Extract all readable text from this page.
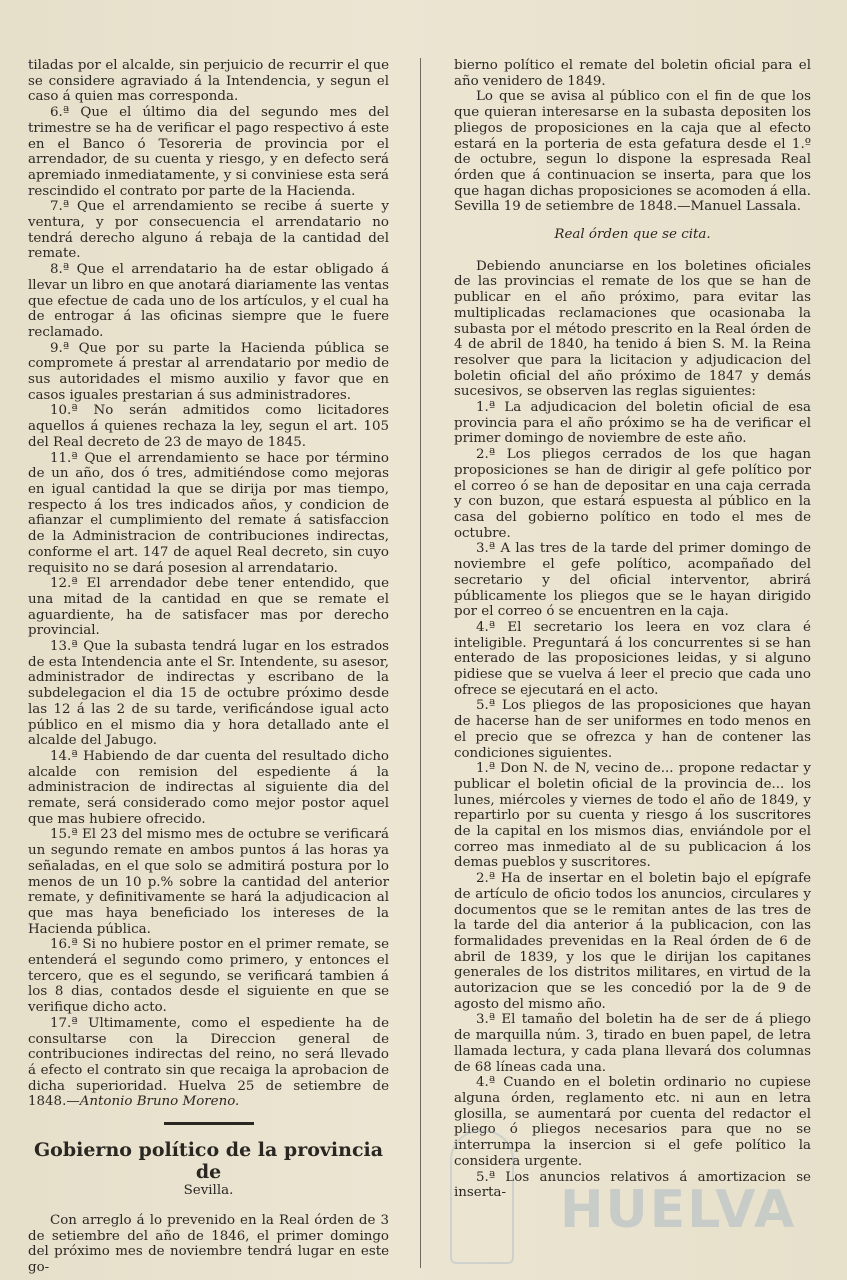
tiladas por el alcalde, sin perjuicio de recurrir el que se considere agraviado á la Intendencia, y segun el caso á quien mas corresponda.

6.ª Que el último dia del segundo mes del trimestre se ha de verificar el pago respectivo á este en el Banco ó Tesoreria de provincia por el arrendador, de su cuenta y riesgo, y en defecto será apremiado inmediatamente, y si conviniese esta será rescindido el contrato por parte de la Hacienda.

7.ª Que el arrendamiento se recibe á suerte y ventura, y por consecuencia el arrendatario no tendrá derecho alguno á rebaja de la cantidad del remate.

8.ª Que el arrendatario ha de estar obligado á llevar un libro en que anotará diariamente las ventas que efectue de cada uno de los artículos, y el cual ha de entrogar á las oficinas siempre que le fuere reclamado.

9.ª Que por su parte la Hacienda pública se compromete á prestar al arrendatario por medio de sus autoridades el mismo auxilio y favor que en casos iguales prestarian á sus administradores.

10.ª No serán admitidos como licitadores aquellos á quienes rechaza la ley, segun el art. 105 del Real decreto de 23 de mayo de 1845.

11.ª Que el arrendamiento se hace por término de un año, dos ó tres, admitiéndose como mejoras en igual cantidad la que se dirija por mas tiempo, respecto á los tres indicados años, y condicion de afianzar el cumplimiento del remate á satisfaccion de la Administracion de contribuciones indirectas, conforme el art. 147 de aquel Real decreto, sin cuyo requisito no se dará posesion al arrendatario.

12.ª El arrendador debe tener entendido, que una mitad de la cantidad en que se remate el aguardiente, ha de satisfacer mas por derecho provincial.

13.ª Que la subasta tendrá lugar en los estrados de esta Intendencia ante el Sr. Intendente, su asesor, administrador de indirectas y escribano de la subdelegacion el dia 15 de octubre próximo desde las 12 á las 2 de su tarde, verificándose igual acto público en el mismo dia y hora detallado ante el alcalde del Jabugo.

14.ª Habiendo de dar cuenta del resultado dicho alcalde con remision del espediente á la administracion de indirectas al siguiente dia del remate, será considerado como mejor postor aquel que mas hubiere ofrecido.

15.ª El 23 del mismo mes de octubre se verificará un segundo remate en ambos puntos á las horas ya señaladas, en el que solo se admitirá postura por lo menos de un 10 p.% sobre la cantidad del anterior remate, y definitivamente se hará la adjudicacion al que mas haya beneficiado los intereses de la Hacienda pública.

16.ª Si no hubiere postor en el primer remate, se entenderá el segundo como primero, y entonces el tercero, que es el segundo, se verificará tambien á los 8 dias, contados desde el siguiente en que se verifique dicho acto.

17.ª Ultimamente, como el espediente ha de consultarse con la Direccion general de contribuciones indirectas del reino, no será llevado á efecto el contrato sin que recaiga la aprobacion de dicha superioridad. Huelva 25 de setiembre de 1848.—Antonio Bruno Moreno.

Gobierno político de la provincia de
Sevilla.

Con arreglo á lo prevenido en la Real órden de 3 de setiembre del año de 1846, el primer domingo del próximo mes de noviembre tendrá lugar en este go-

bierno político el remate del boletin oficial para el año venidero de 1849.

Lo que se avisa al público con el fin de que los que quieran interesarse en la subasta depositen los pliegos de proposiciones en la caja que al efecto estará en la porteria de esta gefatura desde el 1.º de octubre, segun lo dispone la espresada Real órden que á continuacion se inserta, para que los que hagan dichas proposiciones se acomoden á ella. Sevilla 19 de setiembre de 1848.—Manuel Lassala.

Real órden que se cita.

Debiendo anunciarse en los boletines oficiales de las provincias el remate de los que se han de publicar en el año próximo, para evitar las multiplicadas reclamaciones que ocasionaba la subasta por el método prescrito en la Real órden de 4 de abril de 1840, ha tenido á bien S. M. la Reina resolver que para la licitacion y adjudicacion del boletin oficial del año próximo de 1847 y demás sucesivos, se observen las reglas siguientes:

1.ª La adjudicacion del boletin oficial de esa provincia para el año próximo se ha de verificar el primer domingo de noviembre de este año.

2.ª Los pliegos cerrados de los que hagan proposiciones se han de dirigir al gefe político por el correo ó se han de depositar en una caja cerrada y con buzon, que estará espuesta al público en la casa del gobierno político en todo el mes de octubre.

3.ª A las tres de la tarde del primer domingo de noviembre el gefe político, acompañado del secretario y del oficial interventor, abrirá públicamente los pliegos que se le hayan dirigido por el correo ó se encuentren en la caja.

4.ª El secretario los leera en voz clara é inteligible. Preguntará á los concurrentes si se han enterado de las proposiciones leidas, y si alguno pidiese que se vuelva á leer el precio que cada uno ofrece se ejecutará en el acto.

5.ª Los pliegos de las proposiciones que hayan de hacerse han de ser uniformes en todo menos en el precio que se ofrezca y han de contener las condiciones siguientes.

1.ª Don N. de N, vecino de... propone redactar y publicar el boletin oficial de la provincia de... los lunes, miércoles y viernes de todo el año de 1849, y repartirlo por su cuenta y riesgo á los suscritores de la capital en los mismos dias, enviándole por el correo mas inmediato al de su publicacion á los demas pueblos y suscritores.

2.ª Ha de insertar en el boletin bajo el epígrafe de artículo de oficio todos los anuncios, circulares y documentos que se le remitan antes de las tres de la tarde del dia anterior á la publicacion, con las formalidades prevenidas en la Real órden de 6 de abril de 1839, y los que le dirijan los capitanes generales de los distritos militares, en virtud de la autorizacion que se les concedió por la de 9 de agosto del mismo año.

3.ª El tamaño del boletin ha de ser de á pliego de marquilla núm. 3, tirado en buen papel, de letra llamada lectura, y cada plana llevará dos columnas de 68 líneas cada una.

4.ª Cuando en el boletin ordinario no cupiese alguna órden, reglamento etc. ni aun en letra glosilla, se aumentará por cuenta del redactor el pliego ó pliegos necesarios para que no se interrumpa la insercion si el gefe político la considera urgente.

5.ª Los anuncios relativos á amortizacion se inserta-	HUELVA
